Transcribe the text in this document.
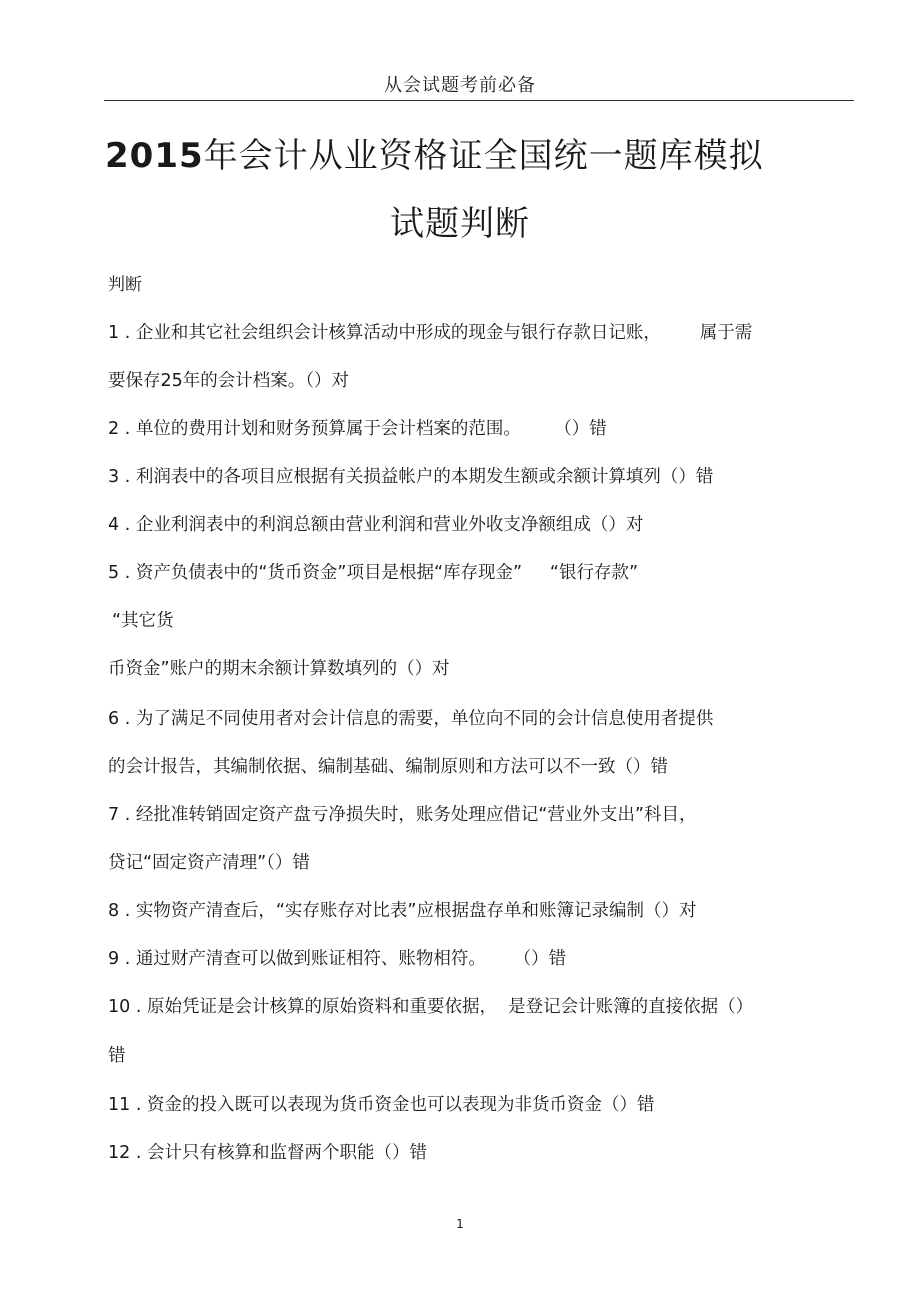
从会试题考前必备
2015年会计从业资格证全国统一题库模拟
试题判断
判断
1 . 企业和其它社会组织会计核算活动中形成的现金与银行存款日记账，       属于需
要保存25年的会计档案。（）对
2 . 单位的费用计划和财务预算属于会计档案的范围。      （）错
3 . 利润表中的各项目应根据有关损益帐户的本期发生额或余额计算填列（）错
4 . 企业利润表中的利润总额由营业利润和营业外收支净额组成（）对
5 . 资产负债表中的“货币资金”项目是根据“库存现金”     “银行存款”
“其它货
币资金”账户的期末余额计算数填列的（）对
6 . 为了满足不同使用者对会计信息的需要，单位向不同的会计信息使用者提供
的会计报告，其编制依据、编制基础、编制原则和方法可以不一致（）错
7 . 经批准转销固定资产盘亏净损失时，账务处理应借记“营业外支出”科目，
贷记“固定资产清理”（）错
8 . 实物资产清查后，“实存账存对比表”应根据盘存单和账簿记录编制（）对
9 . 通过财产清查可以做到账证相符、账物相符。     （）错
10 . 原始凭证是会计核算的原始资料和重要依据，  是登记会计账簿的直接依据（）
错
11 . 资金的投入既可以表现为货币资金也可以表现为非货币资金（）错
12 . 会计只有核算和监督两个职能（）错
1
